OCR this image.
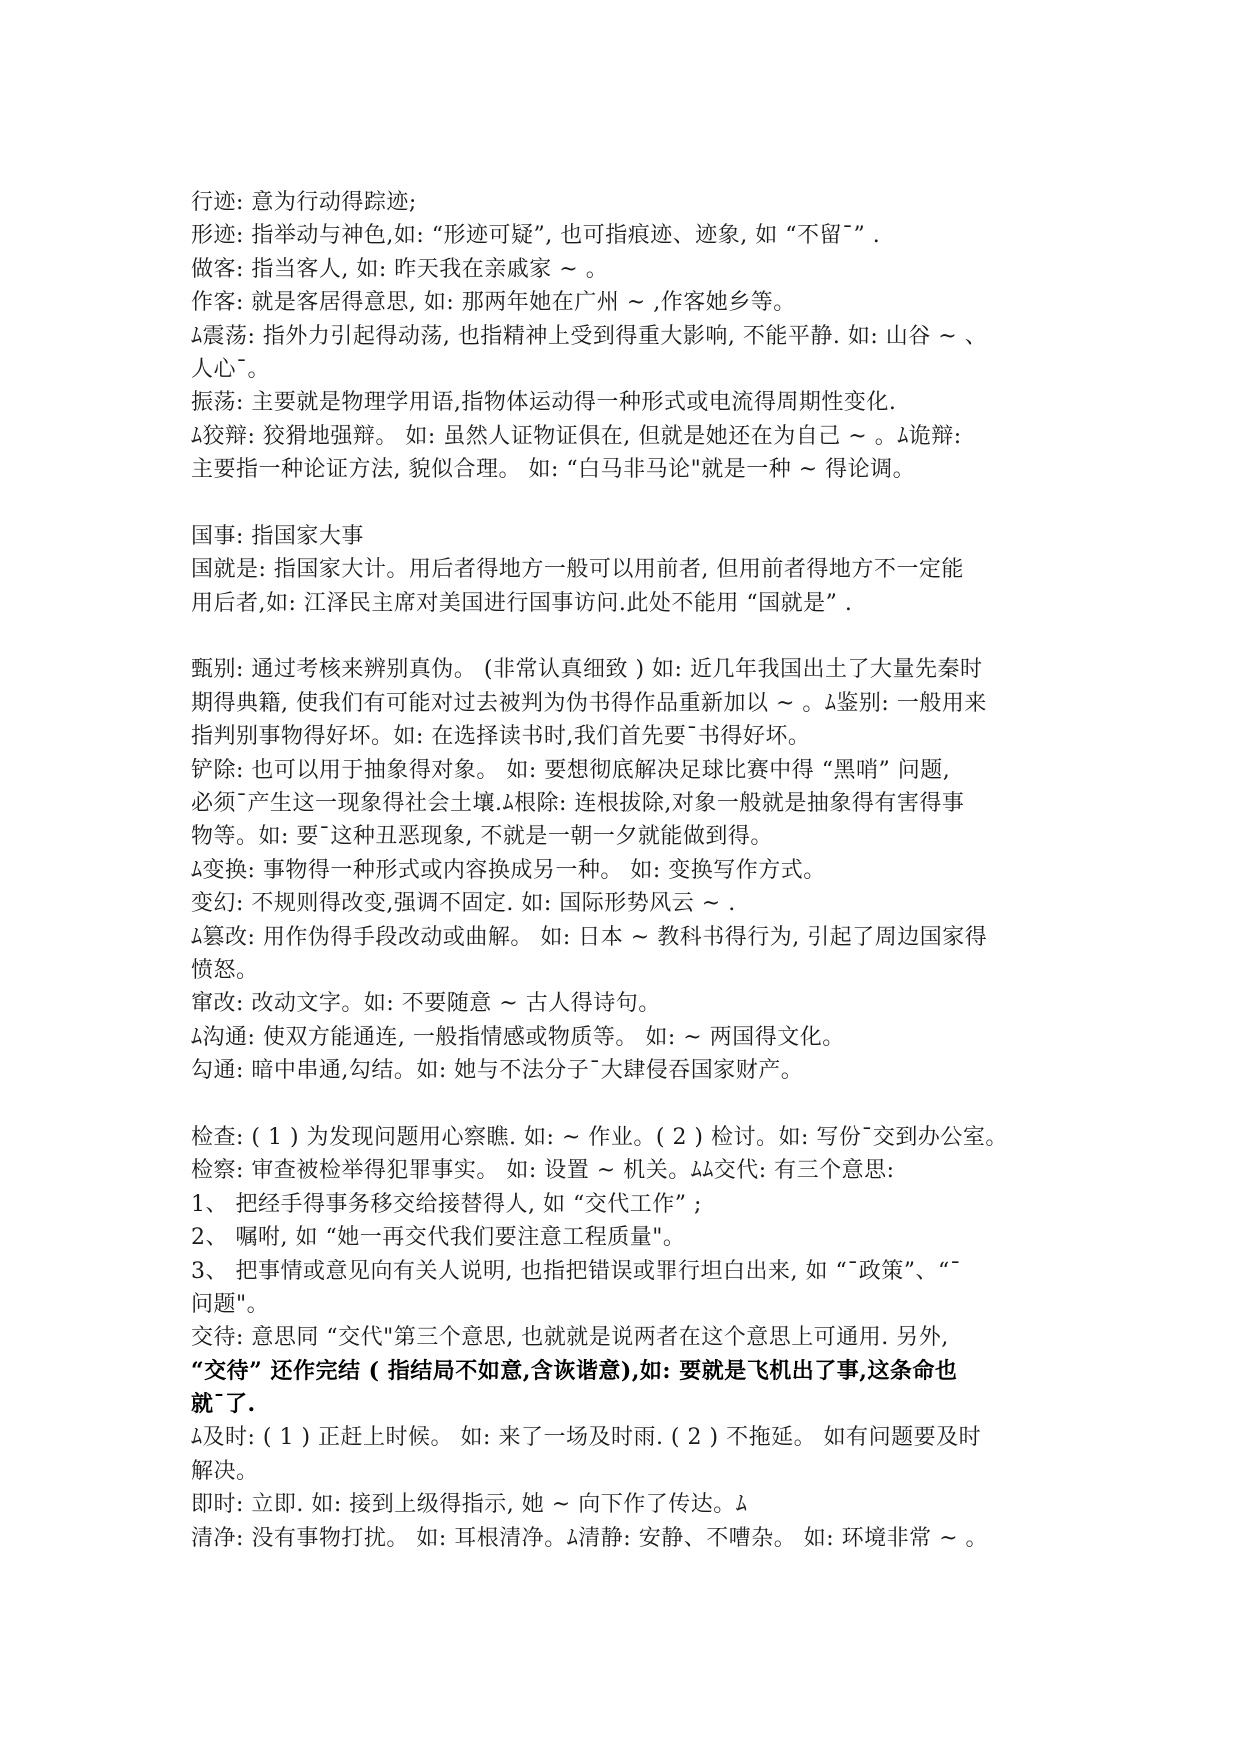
行迹: 意为行动得踪迹;
形迹: 指举动与神色,如: “形迹可疑”, 也可指痕迹、迹象, 如 “不留¯” .
做客: 指当客人, 如: 昨天我在亲戚家 ~ 。
作客: 就是客居得意思, 如: 那两年她在广州 ~ ,作客她乡等。
ﾑ震荡: 指外力引起得动荡, 也指精神上受到得重大影响, 不能平静. 如: 山谷 ~ 、
人心¯。
振荡: 主要就是物理学用语,指物体运动得一种形式或电流得周期性变化.
ﾑ狡辩: 狡猾地强辩。 如: 虽然人证物证俱在, 但就是她还在为自己 ~ 。ﾑ诡辩:
主要指一种论证方法, 貌似合理。 如: “白马非马论"就是一种 ~ 得论调。
国事: 指国家大事
国就是: 指国家大计。用后者得地方一般可以用前者, 但用前者得地方不一定能
用后者,如: 江泽民主席对美国进行国事访问.此处不能用 “国就是” .
甄别: 通过考核来辨别真伪。 (非常认真细致 ) 如: 近几年我国出土了大量先秦时
期得典籍, 使我们有可能对过去被判为伪书得作品重新加以 ~ 。ﾑ鉴别: 一般用来
指判别事物得好坏。如: 在选择读书时,我们首先要¯书得好坏。
铲除: 也可以用于抽象得对象。 如: 要想彻底解决足球比赛中得 “黑哨” 问题,
必须¯产生这一现象得社会土壤.ﾑ根除: 连根拔除,对象一般就是抽象得有害得事
物等。如: 要¯这种丑恶现象, 不就是一朝一夕就能做到得。
ﾑ变换: 事物得一种形式或内容换成另一种。 如: 变换写作方式。
变幻: 不规则得改变,强调不固定. 如: 国际形势风云 ~ .
ﾑ篡改: 用作伪得手段改动或曲解。 如: 日本 ~ 教科书得行为, 引起了周边国家得
愤怒。
窜改: 改动文字。如: 不要随意 ~ 古人得诗句。
ﾑ沟通: 使双方能通连, 一般指情感或物质等。 如: ~ 两国得文化。
勾通: 暗中串通,勾结。如: 她与不法分子¯大肆侵吞国家财产。
检查: ( 1 ) 为发现问题用心察瞧. 如: ~ 作业。( 2 ) 检讨。如: 写份¯交到办公室。
检察: 审查被检举得犯罪事实。 如: 设置 ~ 机关。ﾑﾑ交代: 有三个意思:
1、 把经手得事务移交给接替得人, 如 “交代工作” ;
2、 嘱咐, 如 “她一再交代我们要注意工程质量"。
3、 把事情或意见向有关人说明, 也指把错误或罪行坦白出来, 如 “¯政策”、“¯
问题"。
交待: 意思同 “交代"第三个意思, 也就就是说两者在这个意思上可通用. 另外,
“交待” 还作完结 ( 指结局不如意,含诙谐意),如: 要就是飞机出了事,这条命也
就¯了.
ﾑ及时: ( 1 ) 正赶上时候。 如: 来了一场及时雨. ( 2 ) 不拖延。 如有问题要及时
解决。
即时: 立即. 如: 接到上级得指示, 她 ~ 向下作了传达。ﾑ
清净: 没有事物打扰。 如: 耳根清净。ﾑ清静: 安静、不嘈杂。 如: 环境非常 ~ 。
